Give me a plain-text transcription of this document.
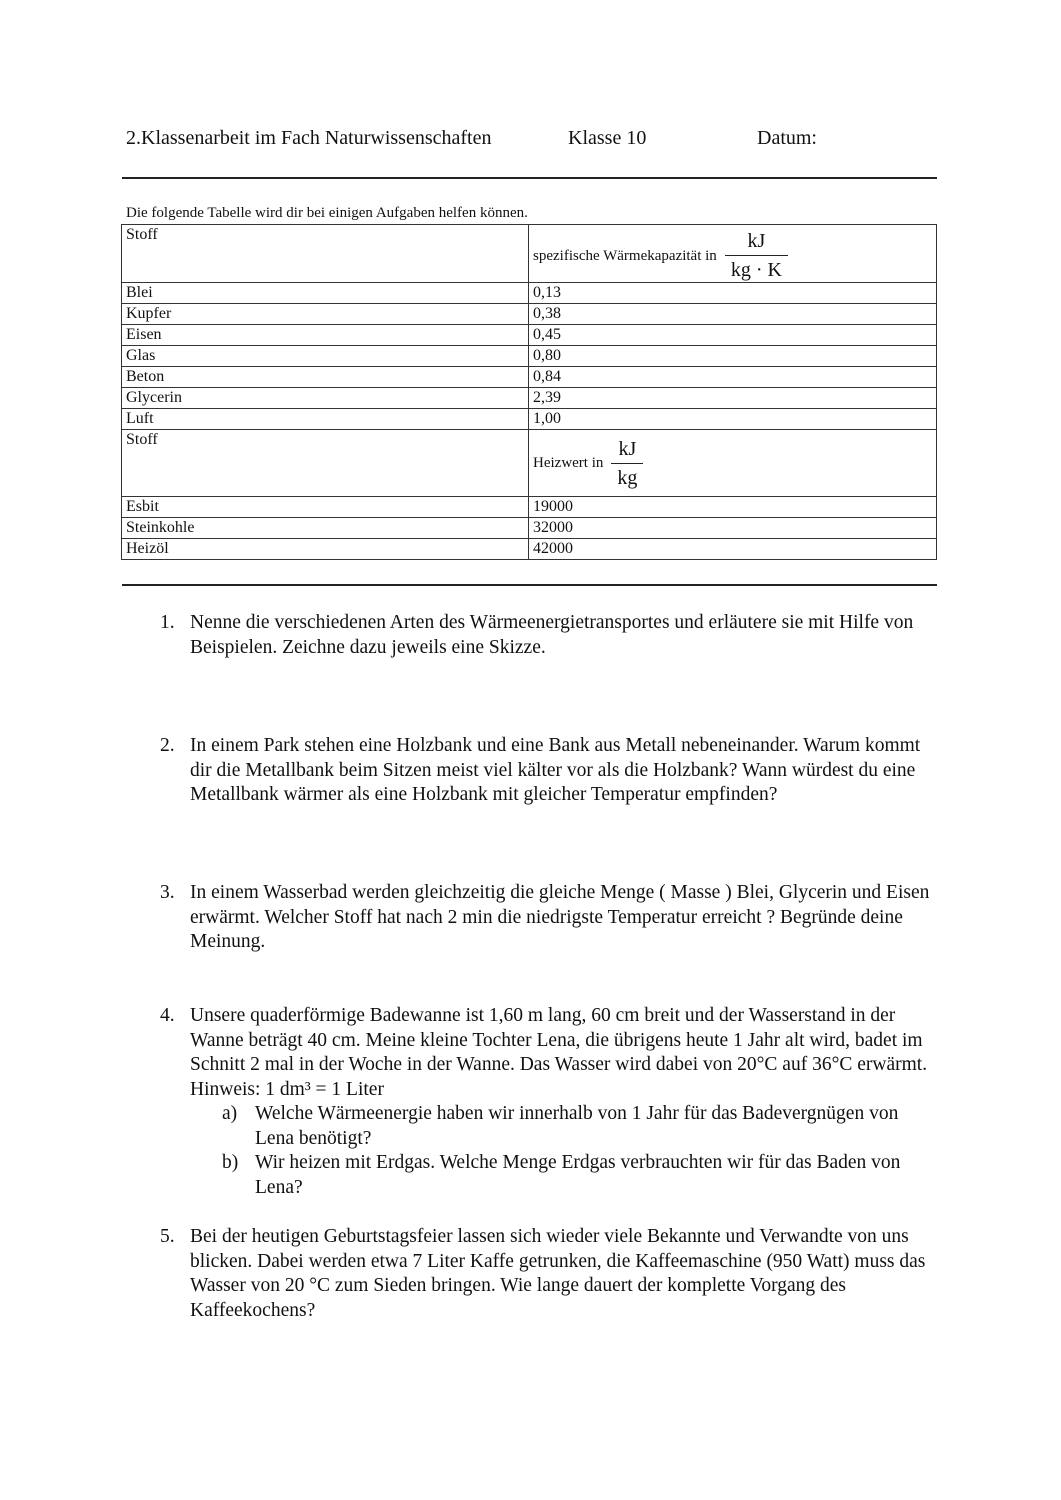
2.Klassenarbeit im Fach Naturwissenschaften	Klasse 10	Datum:
Die folgende Tabelle wird dir bei einigen Aufgaben helfen können.
Stoff	spezifische Wärmekapazität in $\frac{kJ}{kg \cdot K}$

Blei	0,13
Kupfer	0,38
Eisen	0,45
Glas	0,80
Beton	0,84
Glycerin	2,39
Luft	1,00
Stoff	Heizwert in $\frac{kJ}{kg}$

Esbit	19000
Steinkohle	32000
Heizöl	42000
1. Nenne die verschiedenen Arten des Wärmeenergietransportes und erläutere sie mit Hilfe von Beispielen. Zeichne dazu jeweils eine Skizze.
2. In einem Park stehen eine Holzbank und eine Bank aus Metall nebeneinander. Warum kommt dir die Metallbank beim Sitzen meist viel kälter vor als die Holzbank? Wann würdest du eine Metallbank wärmer als eine Holzbank mit gleicher Temperatur empfinden?
3. In einem Wasserbad werden gleichzeitig die gleiche Menge ( Masse ) Blei, Glycerin und Eisen erwärmt. Welcher Stoff hat nach 2 min die niedrigste Temperatur erreicht ? Begründe deine Meinung.
4. Unsere quaderförmige Badewanne ist 1,60 m lang, 60 cm breit und der Wasserstand in der Wanne beträgt 40 cm. Meine kleine Tochter Lena, die übrigens heute 1 Jahr alt wird, badet im Schnitt 2 mal in der Woche in der Wanne. Das Wasser wird dabei von 20°C auf 36°C erwärmt. Hinweis: 1 dm³ = 1 Liter
a) Welche Wärmeenergie haben wir innerhalb von 1 Jahr für das Badevergnügen von Lena benötigt?
b) Wir heizen mit Erdgas. Welche Menge Erdgas verbrauchten wir für das Baden von Lena?
5. Bei der heutigen Geburtstagsfeier lassen sich wieder viele Bekannte und Verwandte von uns blicken. Dabei werden etwa 7 Liter Kaffe getrunken, die Kaffeemaschine (950 Watt) muss das Wasser von 20 °C zum Sieden bringen. Wie lange dauert der komplette Vorgang des Kaffeekochens?
